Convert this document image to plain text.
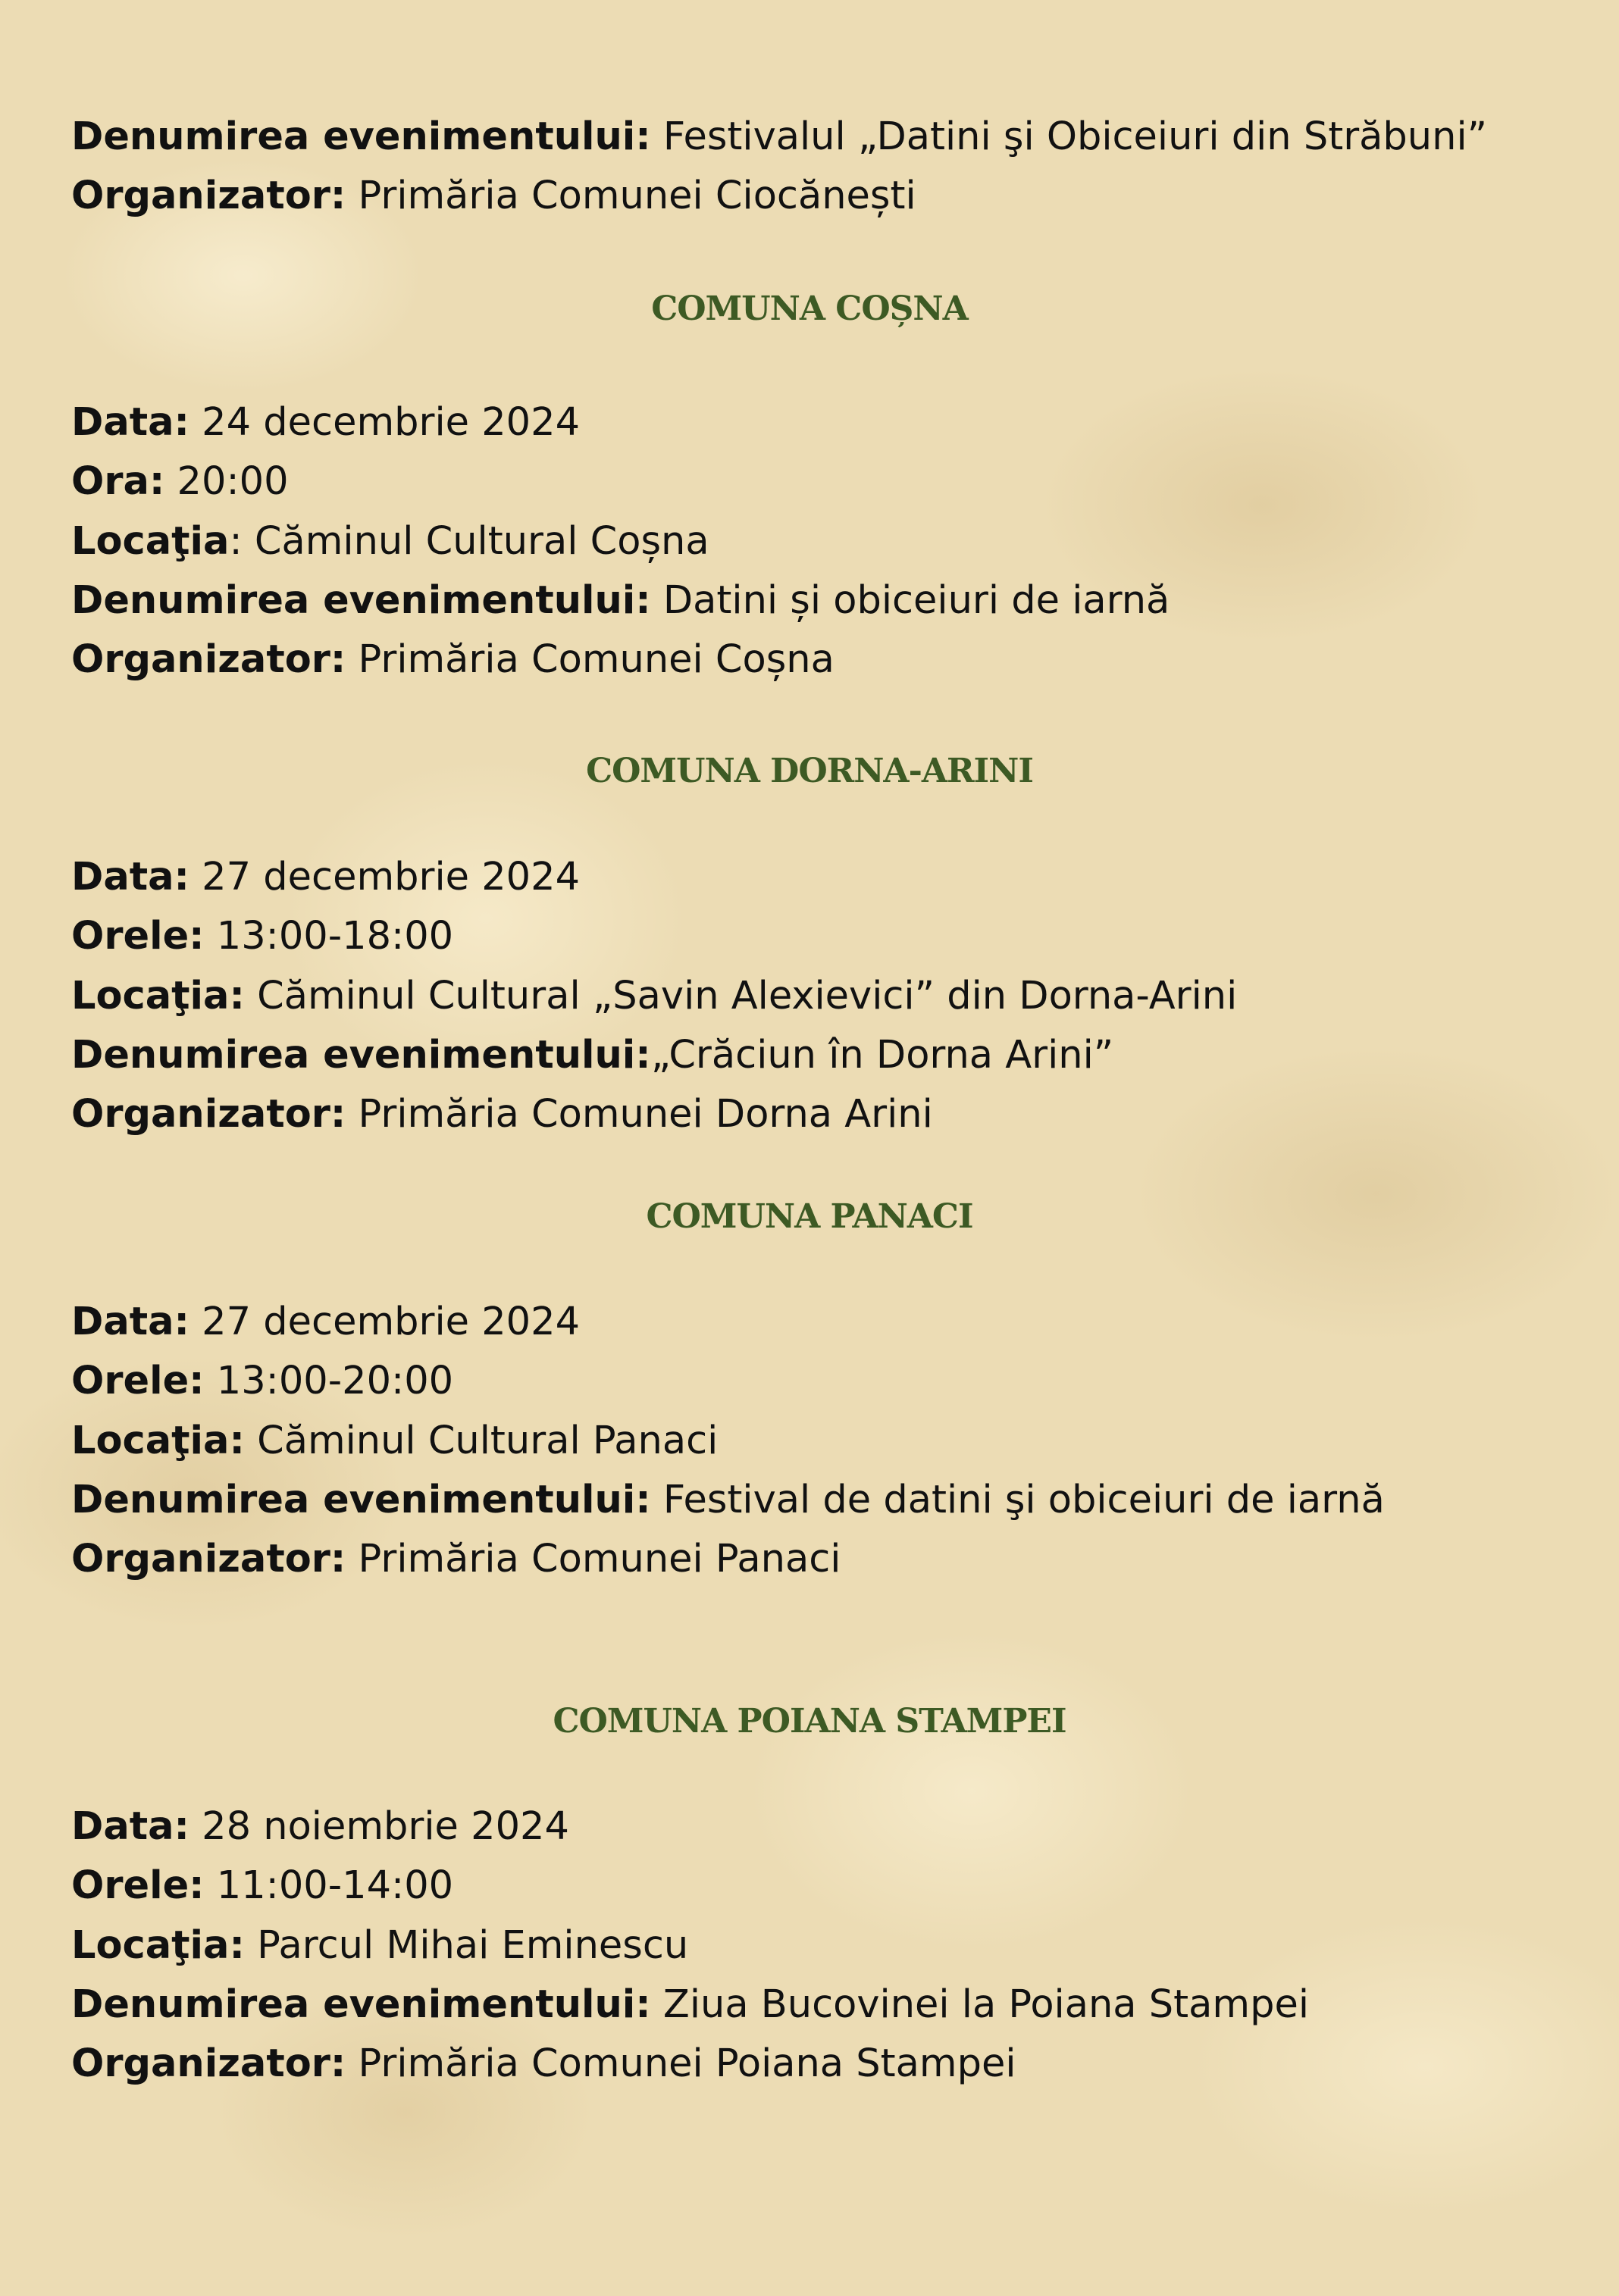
Denumirea evenimentului: Festivalul „Datini şi Obiceiuri din Străbuni”

Organizator: Primăria Comunei Ciocănești

COMUNA COȘNA

Data: 24 decembrie 2024

Ora: 20:00

Locaţia: Căminul Cultural Coșna

Denumirea evenimentului: Datini și obiceiuri de iarnă

Organizator: Primăria Comunei Coșna

COMUNA DORNA-ARINI

Data: 27 decembrie 2024

Orele: 13:00-18:00

Locaţia: Căminul Cultural „Savin Alexievici” din Dorna-Arini

Denumirea evenimentului:„Crăciun în Dorna Arini”

Organizator: Primăria Comunei Dorna Arini

COMUNA PANACI

Data: 27 decembrie 2024

Orele: 13:00-20:00

Locaţia: Căminul Cultural Panaci

Denumirea evenimentului: Festival de datini şi obiceiuri de iarnă

Organizator: Primăria Comunei Panaci

COMUNA POIANA STAMPEI

Data: 28 noiembrie 2024

Orele: 11:00-14:00

Locaţia: Parcul Mihai Eminescu

Denumirea evenimentului: Ziua Bucovinei la Poiana Stampei

Organizator: Primăria Comunei Poiana Stampei
